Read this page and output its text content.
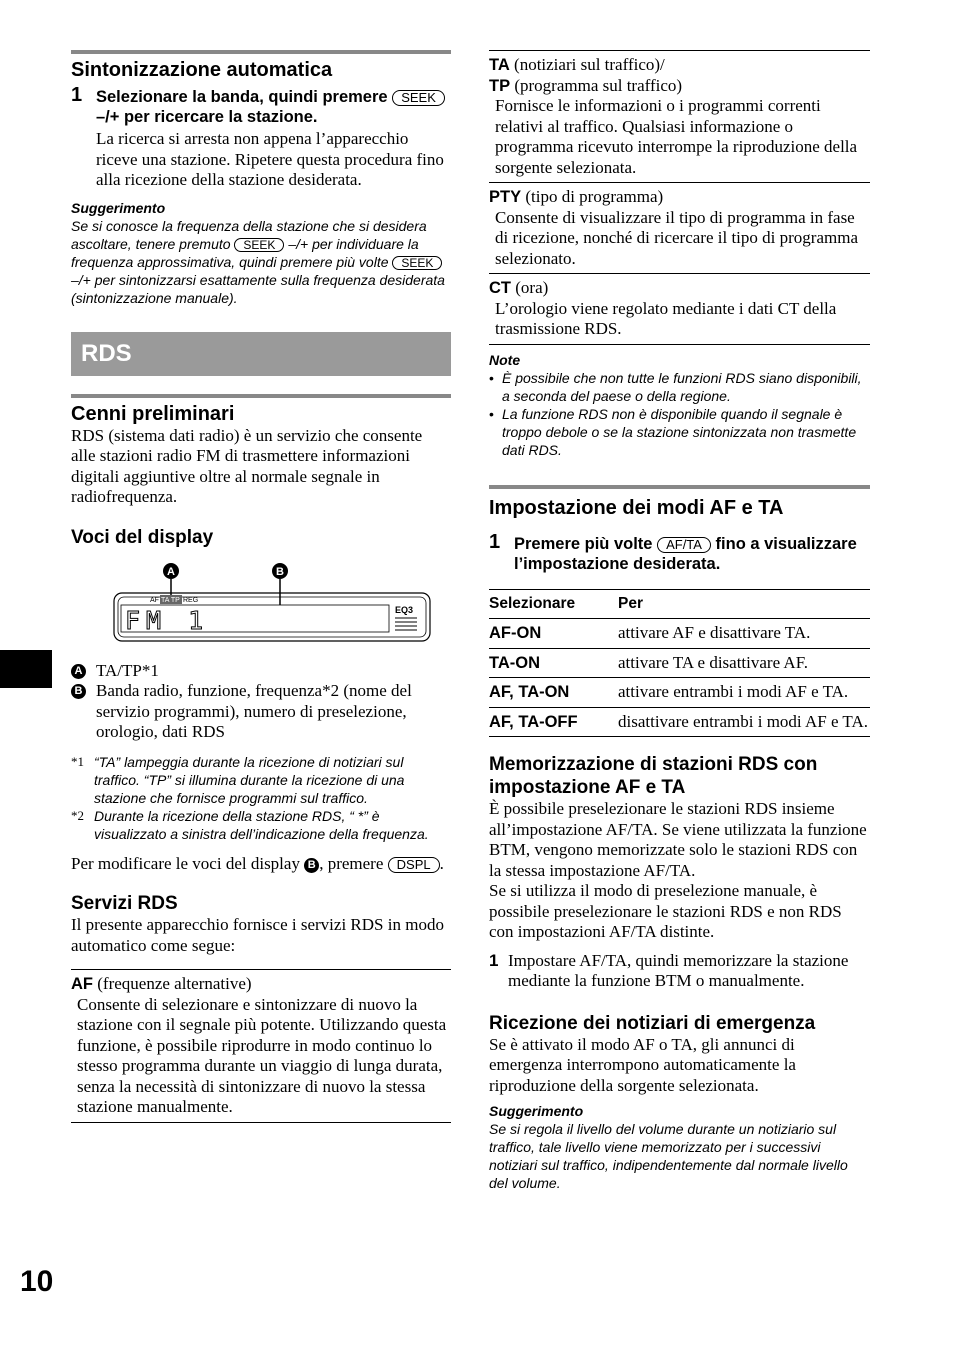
Sintonizzazione automatica
1 Selezionare la banda, quindi premere SEEK –/+ per ricercare la stazione.
La ricerca si arresta non appena l’apparecchio riceve una stazione. Ripetere questa procedura fino alla ricezione della stazione desiderata.
Suggerimento
Se si conosce la frequenza della stazione che si desidera ascoltare, tenere premuto SEEK –/+ per individuare la frequenza approssimativa, quindi premere più volte SEEK –/+ per sintonizzarsi esattamente sulla frequenza desiderata (sintonizzazione manuale).
RDS
Cenni preliminari
RDS (sistema dati radio) è un servizio che consente alle stazioni radio FM di trasmettere informazioni digitali aggiuntive oltre al normale segnale in radiofrequenza.
Voci del display
A	B
AF TA TP REG
FM 1	EQ3
A TA/TP*1
B Banda radio, funzione, frequenza*2 (nome del servizio programmi), numero di preselezione, orologio, dati RDS
*1 “TA” lampeggia durante la ricezione di notiziari sul traffico. “TP” si illumina durante la ricezione di una stazione che fornisce programmi sul traffico.
*2 Durante la ricezione della stazione RDS, “ *” è visualizzato a sinistra dell’indicazione della frequenza.
Per modificare le voci del display B , premere DSPL .
Servizi RDS
Il presente apparecchio fornisce i servizi RDS in modo automatico come segue:
AF (frequenze alternative)
Consente di selezionare e sintonizzare di nuovo la stazione con il segnale più potente. Utilizzando questa funzione, è possibile riprodurre in modo continuo lo stesso programma durante un viaggio di lunga durata, senza la necessità di sintonizzare di nuovo la stessa stazione manualmente.
TA (notiziari sul traffico)/
TP (programma sul traffico)
Fornisce le informazioni o i programmi correnti relativi al traffico. Qualsiasi informazione o programma ricevuto interrompe la riproduzione della sorgente selezionata.
PTY (tipo di programma)
Consente di visualizzare il tipo di programma in fase di ricezione, nonché di ricercare il tipo di programma selezionato.
CT (ora)
L’orologio viene regolato mediante i dati CT della trasmissione RDS.
Note
• È possibile che non tutte le funzioni RDS siano disponibili, a seconda del paese o della regione.
• La funzione RDS non è disponibile quando il segnale è troppo debole o se la stazione sintonizzata non trasmette dati RDS.
Impostazione dei modi AF e TA
1 Premere più volte AF/TA fino a visualizzare l’impostazione desiderata.
Selezionare	Per
AF-ON	attivare AF e disattivare TA.
TA-ON	attivare TA e disattivare AF.
AF, TA-ON	attivare entrambi i modi AF e TA.
AF, TA-OFF	disattivare entrambi i modi AF e TA.
Memorizzazione di stazioni RDS con impostazione AF e TA
È possibile preselezionare le stazioni RDS insieme all’impostazione AF/TA. Se viene utilizzata la funzione BTM, vengono memorizzate solo le stazioni RDS con la stessa impostazione AF/TA.
Se si utilizza il modo di preselezione manuale, è possibile preselezionare le stazioni RDS e non RDS con impostazioni AF/TA distinte.
1 Impostare AF/TA, quindi memorizzare la stazione mediante la funzione BTM o manualmente.
Ricezione dei notiziari di emergenza
Se è attivato il modo AF o TA, gli annunci di emergenza interrompono automaticamente la riproduzione della sorgente selezionata.
Suggerimento
Se si regola il livello del volume durante un notiziario sul traffico, tale livello viene memorizzato per i successivi notiziari sul traffico, indipendentemente dal normale livello del volume.
10
